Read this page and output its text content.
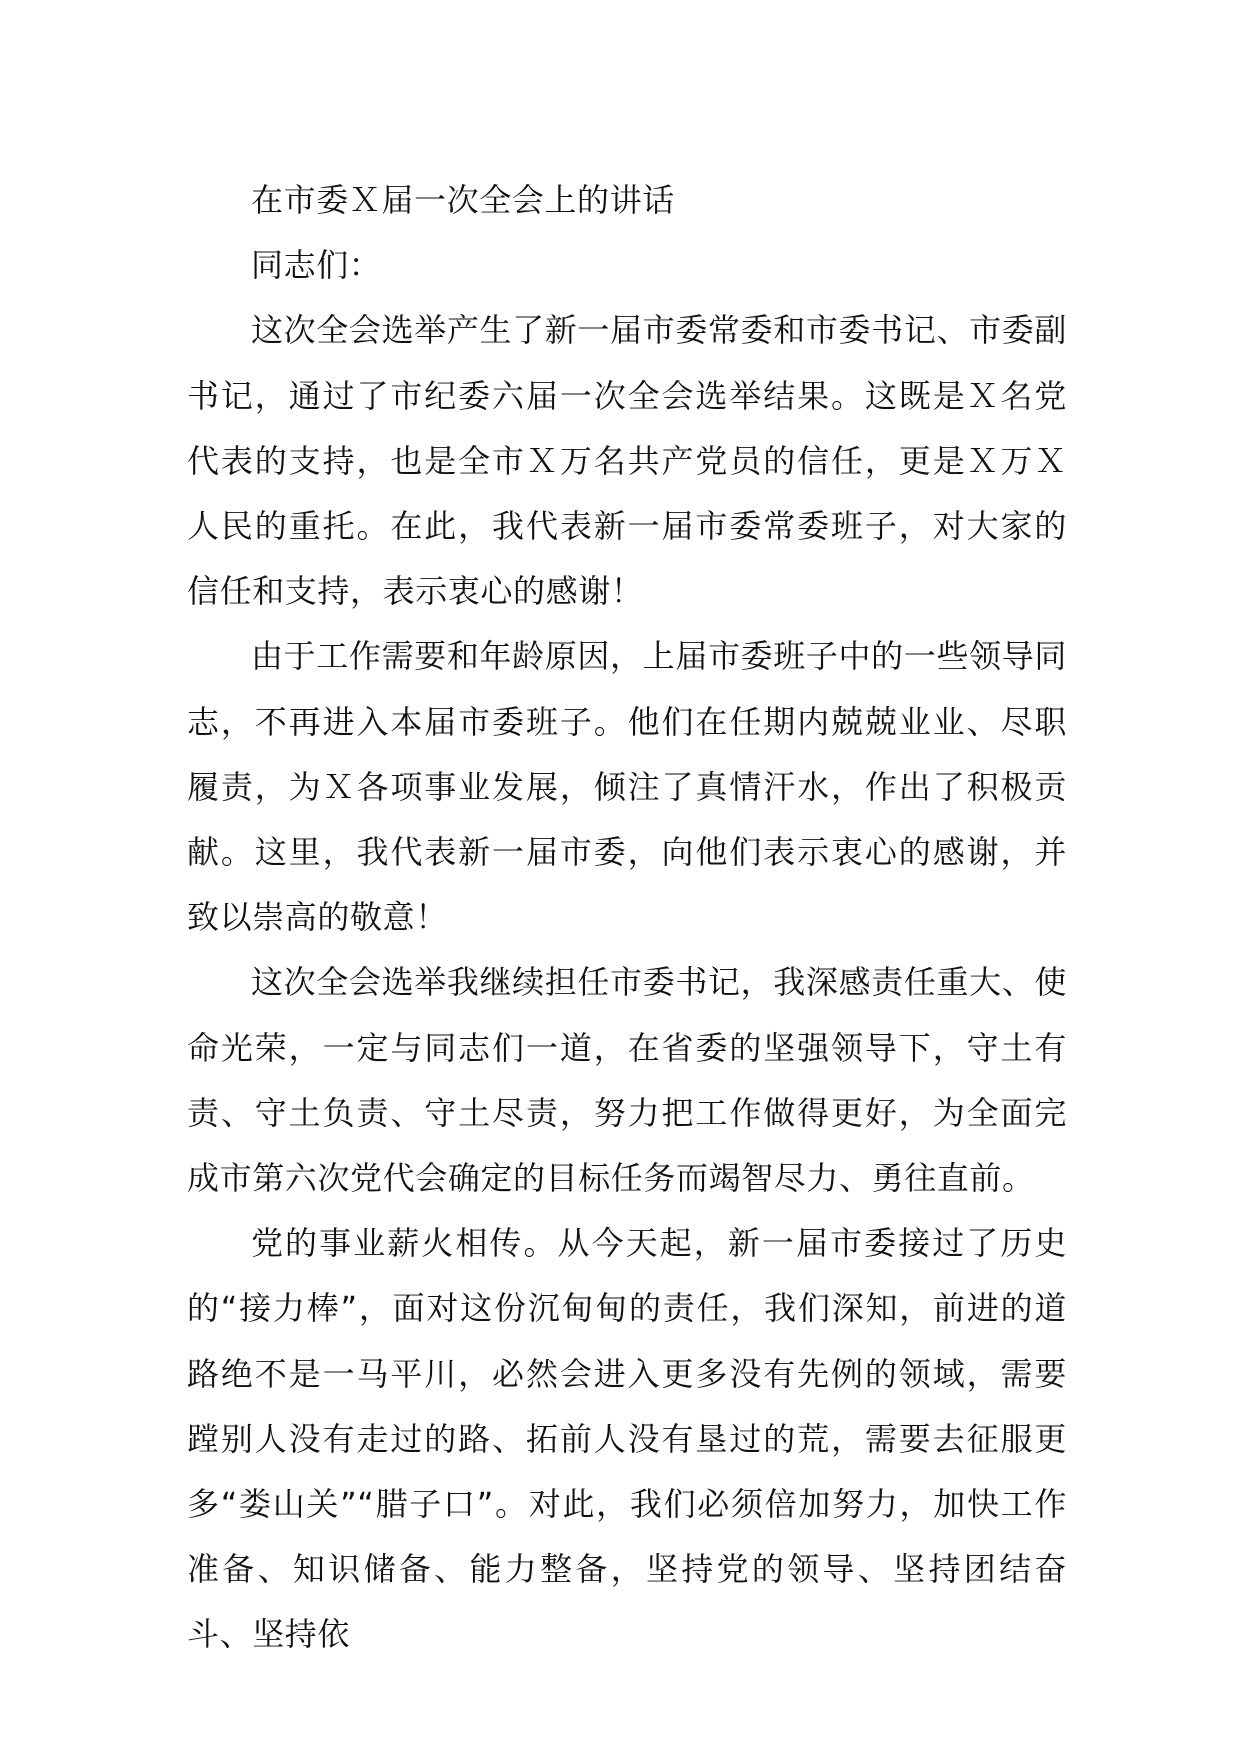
在市委Ｘ届一次全会上的讲话

同志们：

这次全会选举产生了新一届市委常委和市委书记、市委副书记，通过了市纪委六届一次全会选举结果。这既是Ｘ名党代表的支持，也是全市Ｘ万名共产党员的信任，更是Ｘ万Ｘ人民的重托。在此，我代表新一届市委常委班子，对大家的信任和支持，表示衷心的感谢！

由于工作需要和年龄原因，上届市委班子中的一些领导同志，不再进入本届市委班子。他们在任期内兢兢业业、尽职履责，为Ｘ各项事业发展，倾注了真情汗水，作出了积极贡献。这里，我代表新一届市委，向他们表示衷心的感谢，并致以崇高的敬意！

这次全会选举我继续担任市委书记，我深感责任重大、使命光荣，一定与同志们一道，在省委的坚强领导下，守土有责、守土负责、守土尽责，努力把工作做得更好，为全面完成市第六次党代会确定的目标任务而竭智尽力、勇往直前。

党的事业薪火相传。从今天起，新一届市委接过了历史的“接力棒”，面对这份沉甸甸的责任，我们深知，前进的道路绝不是一马平川，必然会进入更多没有先例的领域，需要蹚别人没有走过的路、拓前人没有垦过的荒，需要去征服更多“娄山关”“腊子口”。对此，我们必须倍加努力，加快工作准备、知识储备、能力整备，坚持党的领导、坚持团结奋斗、坚持依
